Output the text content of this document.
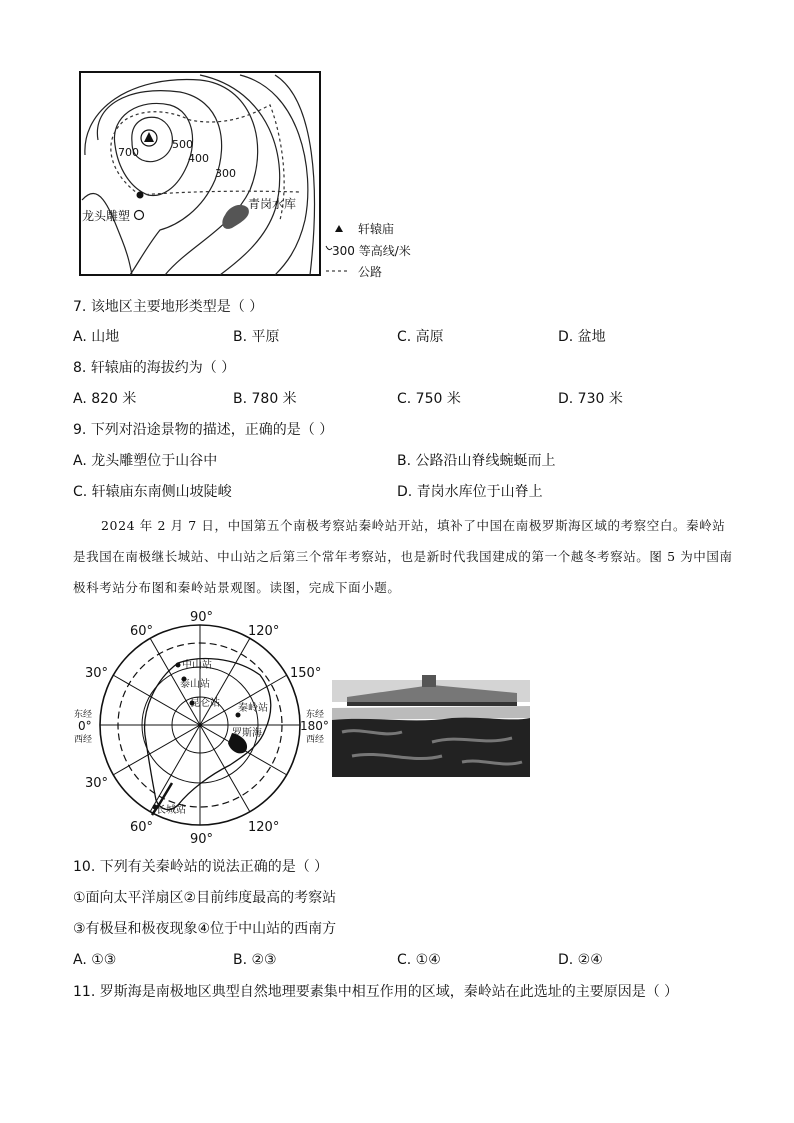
700
500
400
300
龙头雕塑
青岗水库
轩辕庙
300 等高线/米
公路
7. 该地区主要地形类型是（ ）
A. 山地	B. 平原	C. 高原	D. 盆地
8. 轩辕庙的海拔约为（ ）
A. 820 米	B. 780 米	C. 750 米	D. 730 米
9. 下列对沿途景物的描述，正确的是（ ）
A. 龙头雕塑位于山谷中	B. 公路沿山脊线蜿蜒而上
C. 轩辕庙东南侧山坡陡峻	D. 青岗水库位于山脊上

2024 年 2 月 7 日，中国第五个南极考察站秦岭站开站，填补了中国在南极罗斯海区域的考察空白。秦岭站是我国在南极继长城站、中山站之后第三个常年考察站，也是新时代我国建成的第一个越冬考察站。图 5 为中国南极科考站分布图和秦岭站景观图。读图，完成下面小题。

90°
60°	120°
30°	150°
30°
60°
90°
120°
东经
0°
西经
东经
180°
西经
中山站
泰山站
昆仑站 秦岭站
罗斯海
长城站
10. 下列有关秦岭站的说法正确的是（ ）
①面向太平洋扇区②目前纬度最高的考察站
③有极昼和极夜现象④位于中山站的西南方
A. ①③	B. ②③	C. ①④	D. ②④
11. 罗斯海是南极地区典型自然地理要素集中相互作用的区域，秦岭站在此选址的主要原因是（ ）
